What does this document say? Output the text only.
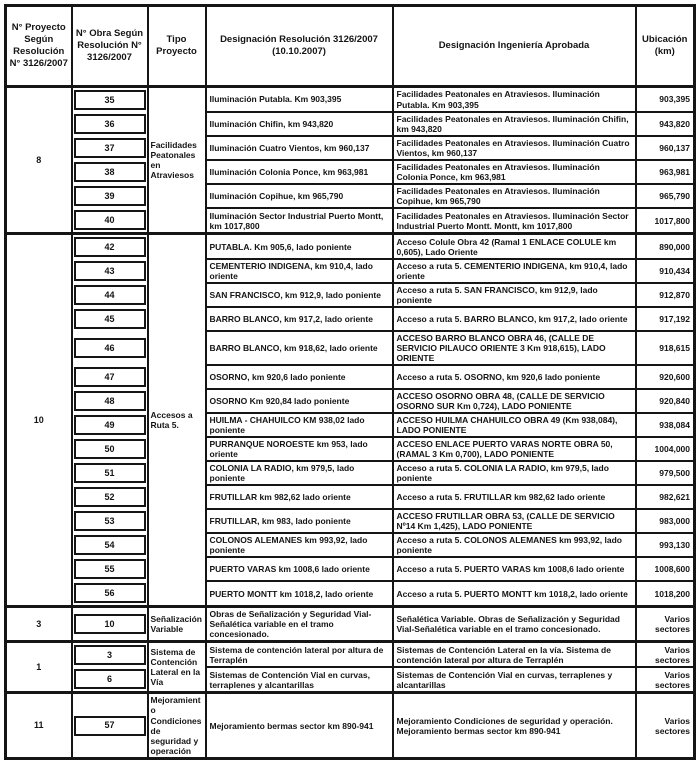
N° Proyecto Según Resolución N° 3126/2007	N° Obra Según Resolución N° 3126/2007	Tipo Proyecto	Designación Resolución 3126/2007 (10.10.2007)	Designación Ingeniería Aprobada	Ubicación (km)
8	35	Facilidades Peatonales en Atraviesos	Iluminación Putabla. Km 903,395	Facilidades Peatonales en Atraviesos. Iluminación Putabla. Km 903,395	903,395

36		Iluminación Chifin, km 943,820	Facilidades Peatonales en Atraviesos. Iluminación Chifin, km 943,820	943,820

37		Iluminación Cuatro Vientos, km 960,137	Facilidades Peatonales en Atraviesos. Iluminación Cuatro Vientos, km 960,137	960,137

38		Iluminación Colonia Ponce, km 963,981	Facilidades Peatonales en Atraviesos. Iluminación Colonia Ponce, km 963,981	963,981

39		Iluminación Copihue, km 965,790	Facilidades Peatonales en Atraviesos. Iluminación Copihue, km 965,790	965,790

40		Iluminación Sector Industrial Puerto Montt, km 1017,800	Facilidades Peatonales en Atraviesos. Iluminación Sector Industrial Puerto Montt. Montt, km 1017,800	1017,800
10	42	Accesos a Ruta 5.	PUTABLA. Km 905,6, lado poniente	Acceso Colule Obra 42 (Ramal 1 ENLACE COLULE km 0,605), Lado Oriente	890,000

43		CEMENTERIO INDIGENA, km 910,4, lado oriente	Acceso a ruta 5. CEMENTERIO INDIGENA, km 910,4, lado oriente	910,434

44		SAN FRANCISCO, km 912,9, lado poniente	Acceso a ruta 5. SAN FRANCISCO, km 912,9, lado poniente	912,870

45		BARRO BLANCO, km 917,2, lado oriente	Acceso a ruta 5. BARRO BLANCO, km 917,2, lado oriente	917,192

46		BARRO BLANCO, km 918,62, lado oriente	ACCESO BARRO BLANCO OBRA 46, (CALLE DE SERVICIO PILAUCO ORIENTE 3 Km 918,615), LADO ORIENTE	918,615

47		OSORNO, km 920,6 lado poniente	Acceso a ruta 5. OSORNO, km 920,6 lado poniente	920,600

48		OSORNO Km 920,84 lado poniente	ACCESO OSORNO OBRA 48, (CALLE DE SERVICIO OSORNO SUR Km 0,724), LADO PONIENTE	920,840

49		HUILMA - CHAHUILCO KM 938,02 lado poniente	ACCESO HUILMA CHAHUILCO OBRA 49 (Km 938,084), LADO PONIENTE	938,084

50		PURRANQUE NOROESTE km 953, lado oriente	ACCESO ENLACE PUERTO VARAS NORTE OBRA 50, (RAMAL 3 Km 0,700), LADO PONIENTE	1004,000

51		COLONIA LA RADIO, km 979,5, lado poniente	Acceso a ruta 5. COLONIA LA RADIO, km 979,5, lado poniente	979,500

52		FRUTILLAR km 982,62 lado oriente	Acceso a ruta 5. FRUTILLAR km 982,62 lado oriente	982,621

53		FRUTILLAR, km 983, lado poniente	ACCESO FRUTILLAR OBRA 53, (CALLE DE SERVICIO Nº14 Km 1,425), LADO PONIENTE	983,000

54		COLONOS ALEMANES km 993,92, lado poniente	Acceso a ruta 5. COLONOS ALEMANES km 993,92, lado poniente	993,130

55		PUERTO VARAS km 1008,6 lado oriente	Acceso a ruta 5. PUERTO VARAS km 1008,6 lado oriente	1008,600

56		PUERTO MONTT km 1018,2, lado oriente	Acceso a ruta 5. PUERTO MONTT km 1018,2, lado oriente	1018,200
3	10	Señalización Variable	Obras de Señalización y Seguridad Vial-Señalética variable en el tramo concesionado.	Señalética Variable. Obras de Señalización y Seguridad Vial-Señalética variable en el tramo concesionado.	Varios sectores
1	3	Sistema de Contención Lateral en la Vía	Sistema de contención lateral por altura de Terraplén	Sistemas de Contención Lateral en la vía. Sistema de contención lateral por altura de Terraplén	Varios sectores

6		Sistemas de Contención Vial en curvas, terraplenes y alcantarillas	Sistemas de Contención Vial en curvas, terraplenes y alcantarillas	Varios sectores
11	57	Mejoramiento Condiciones de seguridad y operación	Mejoramiento bermas sector km 890-941	Mejoramiento Condiciones de seguridad y operación. Mejoramiento bermas sector km 890-941	Varios sectores
